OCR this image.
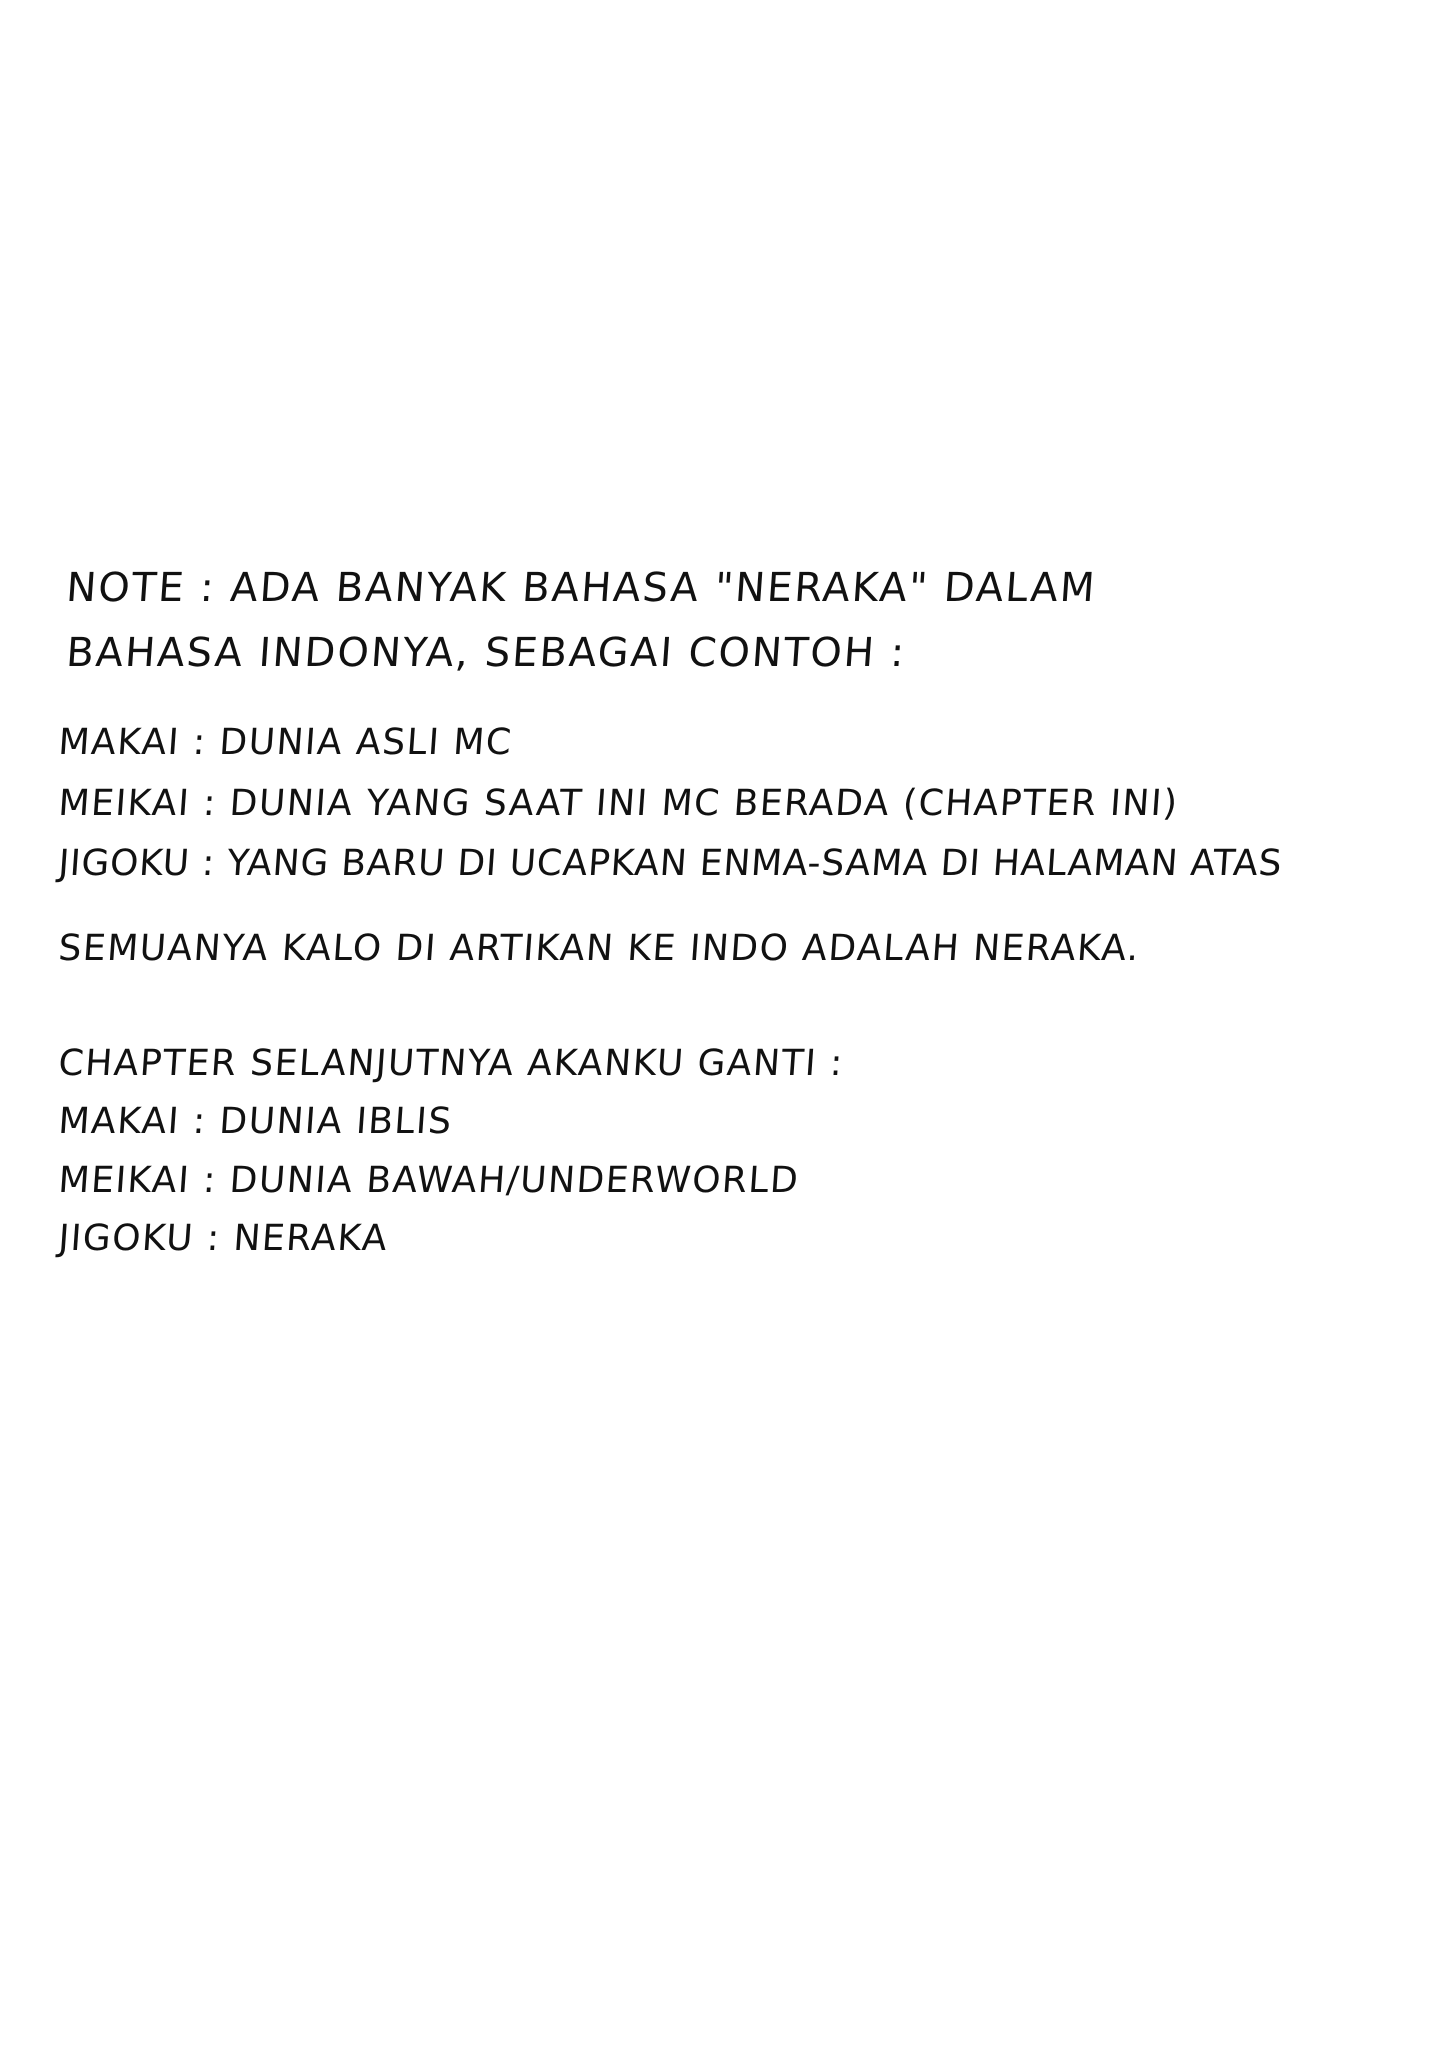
NOTE : ADA BANYAK BAHASA "NERAKA" DALAM
BAHASA INDONYA, SEBAGAI CONTOH :
MAKAI : DUNIA ASLI MC
MEIKAI : DUNIA YANG SAAT INI MC BERADA (CHAPTER INI)
JIGOKU : YANG BARU DI UCAPKAN ENMA-SAMA DI HALAMAN ATAS
SEMUANYA KALO DI ARTIKAN KE INDO ADALAH NERAKA.
CHAPTER SELANJUTNYA AKANKU GANTI :
MAKAI : DUNIA IBLIS
MEIKAI : DUNIA BAWAH/UNDERWORLD
JIGOKU : NERAKA
